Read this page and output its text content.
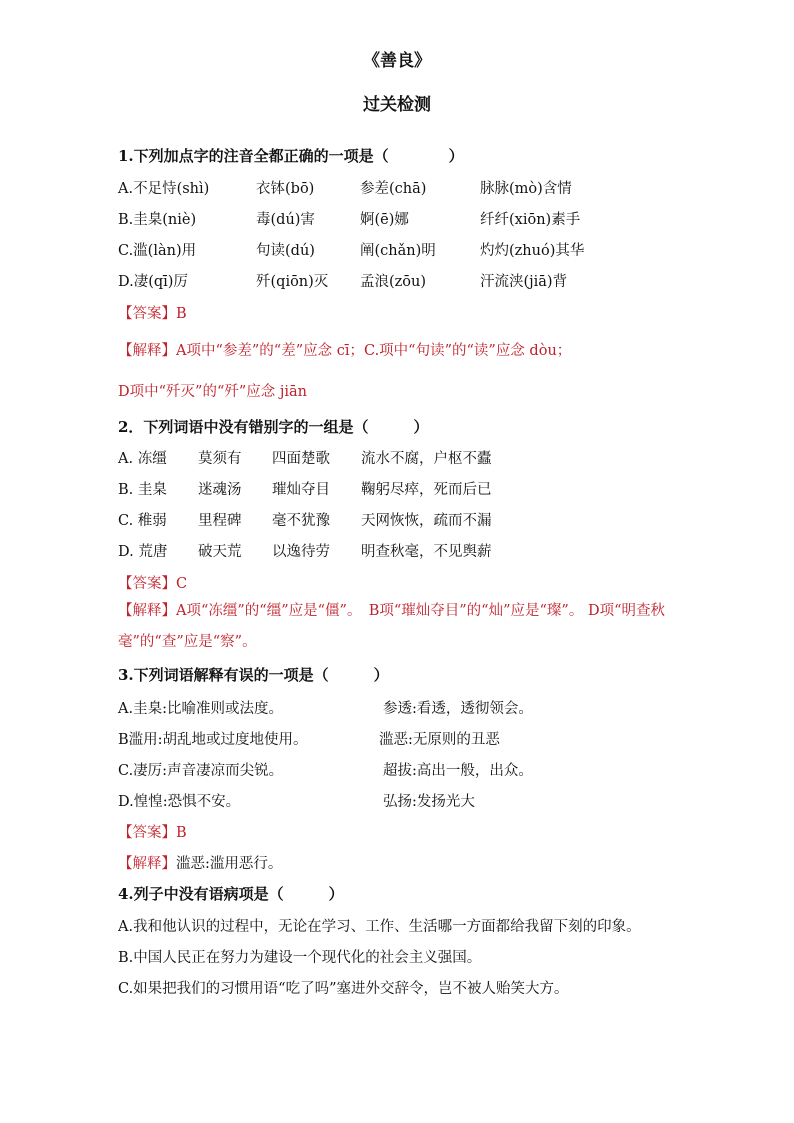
《善良》
过关检测
1.下列加点字的注音全都正确的一项是（　　　　）
A.不足恃(shì)	衣钵(bō)	参差(chā)	脉脉(mò)含情
B.圭臬(niè)	毒(dú)害	婀(ē)娜	纤纤(xiōn)素手
C.滥(làn)用	句读(dú)	阐(chǎn)明	灼灼(zhuó)其华
D.凄(qī)厉	歼(qiōn)灭 孟浪(zōu)	汗流浃(jiā)背
【答案】B
【解释】A项中“参差”的“差”应念 cī；C.项中“句读”的“读”应念 dòu；
D项中“歼灭”的“歼”应念 jiān
2．下列词语中没有错别字的一组是（　　　）
A. 冻缰 莫须有 四面楚歌 流水不腐，户枢不蠹
B. 圭臬 迷魂汤 璀灿夺目 鞠躬尽瘁，死而后已
C. 稚弱 里程碑 毫不犹豫 天网恢恢，疏而不漏
D. 荒唐 破天荒 以逸待劳 明查秋毫，不见舆薪
【答案】C
【解释】A项“冻缰”的“缰”应是“僵”。　B项“璀灿夺目”的“灿”应是“璨”。 D项“明查秋毫”的“查”应是“察”。
3.下列词语解释有误的一项是（　　　）
A.圭臬:比喻准则或法度。	参透:看透，透彻领会。
B滥用:胡乱地或过度地使用。	滥恶:无原则的丑恶
C.凄厉:声音凄凉而尖锐。	超拔:高出一般，出众。
D.惶惶:恐惧不安。	弘扬:发扬光大
【答案】B
【解释】滥恶:滥用恶行。
4.列子中没有语病项是（　　　）
A.我和他认识的过程中，无论在学习、工作、生活哪一方面都给我留下刻的印象。
B.中国人民正在努力为建设一个现代化的社会主义强国。
C.如果把我们的习惯用语“吃了吗”塞进外交辞令，岂不被人贻笑大方。
